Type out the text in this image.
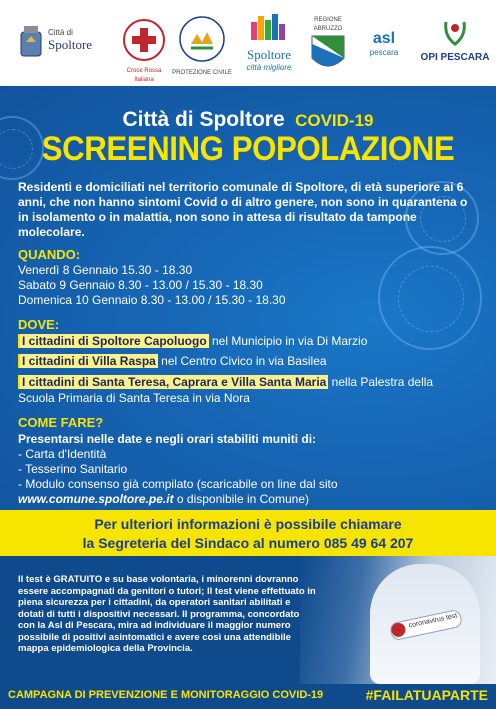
Città di
Spoltore
Croce Rossa Italiana
PROTEZIONE CIVILE
Spoltore
città migliore
REGIONE ABRUZZO
asl
pescara	OPI PESCARA
Città di Spoltore COVID-19
SCREENING POPOLAZIONE
Residenti e domiciliati nel territorio comunale di Spoltore, di età superiore ai 6 anni, che non hanno sintomi Covid o di altro genere, non sono in quarantena o in isolamento o in malattia, non sono in attesa di risultato da tampone molecolare.
QUANDO:
Venerdì 8 Gennaio 15.30 - 18.30
Sabato 9 Gennaio 8.30 - 13.00 / 15.30 - 18.30
Domenica 10 Gennaio 8.30 - 13.00 / 15.30 - 18.30
DOVE:
I cittadini di Spoltore Capoluogo nel Municipio in via Di Marzio
I cittadini di Villa Raspa nel Centro Civico in via Basilea
I cittadini di Santa Teresa, Caprara e Villa Santa Maria nella Palestra della
Scuola Primaria di Santa Teresa in via Nora
COME FARE?
Presentarsi nelle date e negli orari stabiliti muniti di:
- Carta d'Identità
- Tesserino Sanitario
- Modulo consenso già compilato (scaricabile on line dal sito
www.comune.spoltore.pe.it o disponibile in Comune)
Per ulteriori informazioni è possibile chiamare
la Segreteria del Sindaco al numero 085 49 64 207
coronavirus test
Il test è GRATUITO e su base volontaria, i minorenni dovranno essere accompagnati da genitori o tutori; Il test viene effettuato in piena sicurezza per i cittadini, da operatori sanitari abilitati e dotati di tutti i dispositivi necessari. Il programma, concordato con la Asl di Pescara, mira ad individuare il maggior numero possibile di positivi asintomatici e avere così una attendibile mappa epidemiologica della Provincia.
CAMPAGNA DI PREVENZIONE E MONITORAGGIO COVID-19	#FAILATUAPARTE
